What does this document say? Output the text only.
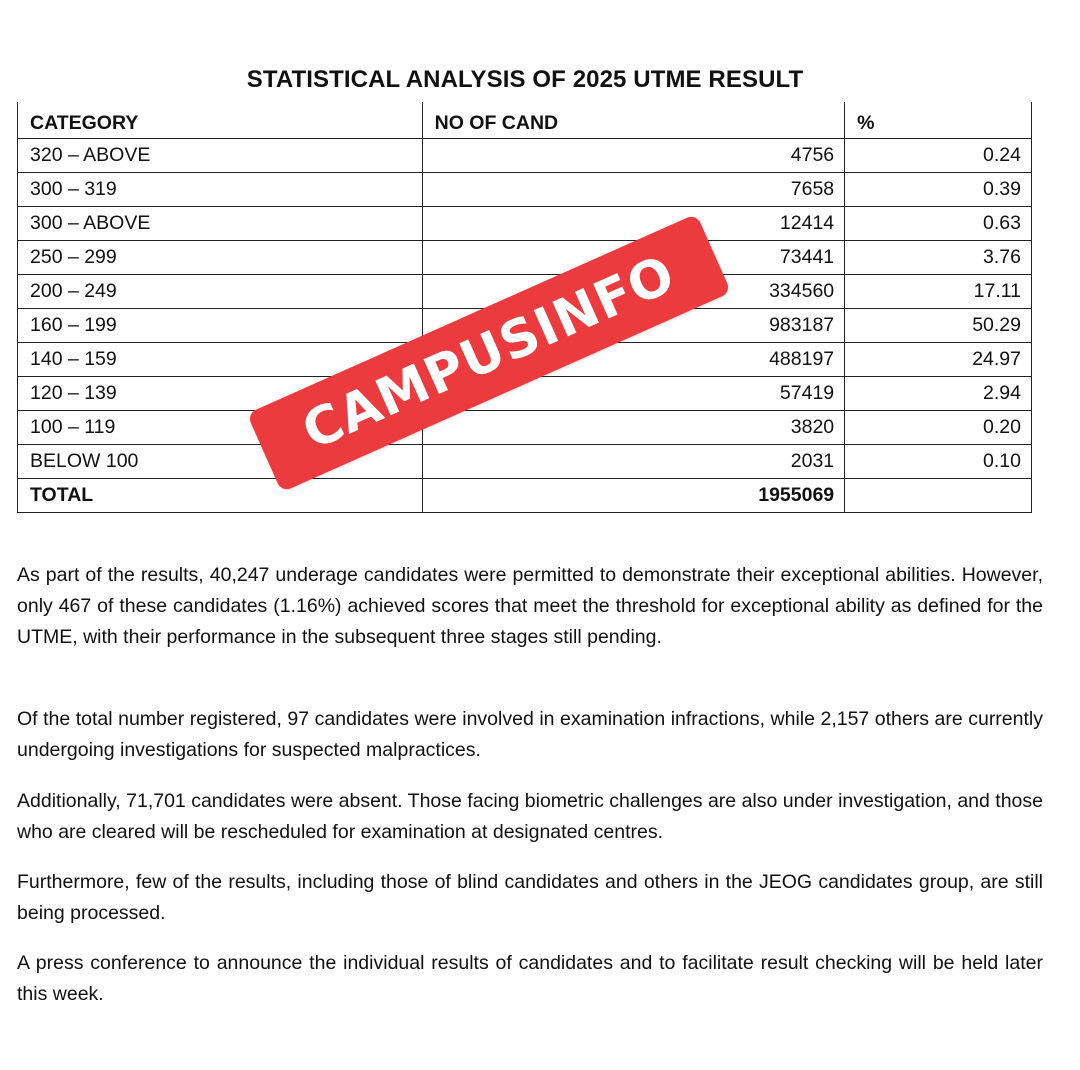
STATISTICAL ANALYSIS OF 2025 UTME RESULT
CATEGORY	NO OF CAND	%
320 – ABOVE	4756	0.24
300 – 319	7658	0.39
300 – ABOVE	12414	0.63
250 – 299	73441	3.76
200 – 249	334560	17.11
160 – 199	983187	50.29
140 – 159	488197	24.97
120 – 139	57419	2.94
100 – 119	3820	0.20
BELOW 100	2031	0.10
TOTAL	1955069	
CAMPUSINFO

As part of the results, 40,247 underage candidates were permitted to demonstrate their exceptional abilities. However, only 467 of these candidates (1.16%) achieved scores that meet the threshold for exceptional ability as defined for the UTME, with their performance in the subsequent three stages still pending.

Of the total number registered, 97 candidates were involved in examination infractions, while 2,157 others are currently undergoing investigations for suspected malpractices.

Additionally, 71,701 candidates were absent. Those facing biometric challenges are also under investigation, and those who are cleared will be rescheduled for examination at designated centres.

Furthermore, few of the results, including those of blind candidates and others in the JEOG candidates group, are still being processed.

A press conference to announce the individual results of candidates and to facilitate result checking will be held later this week.
